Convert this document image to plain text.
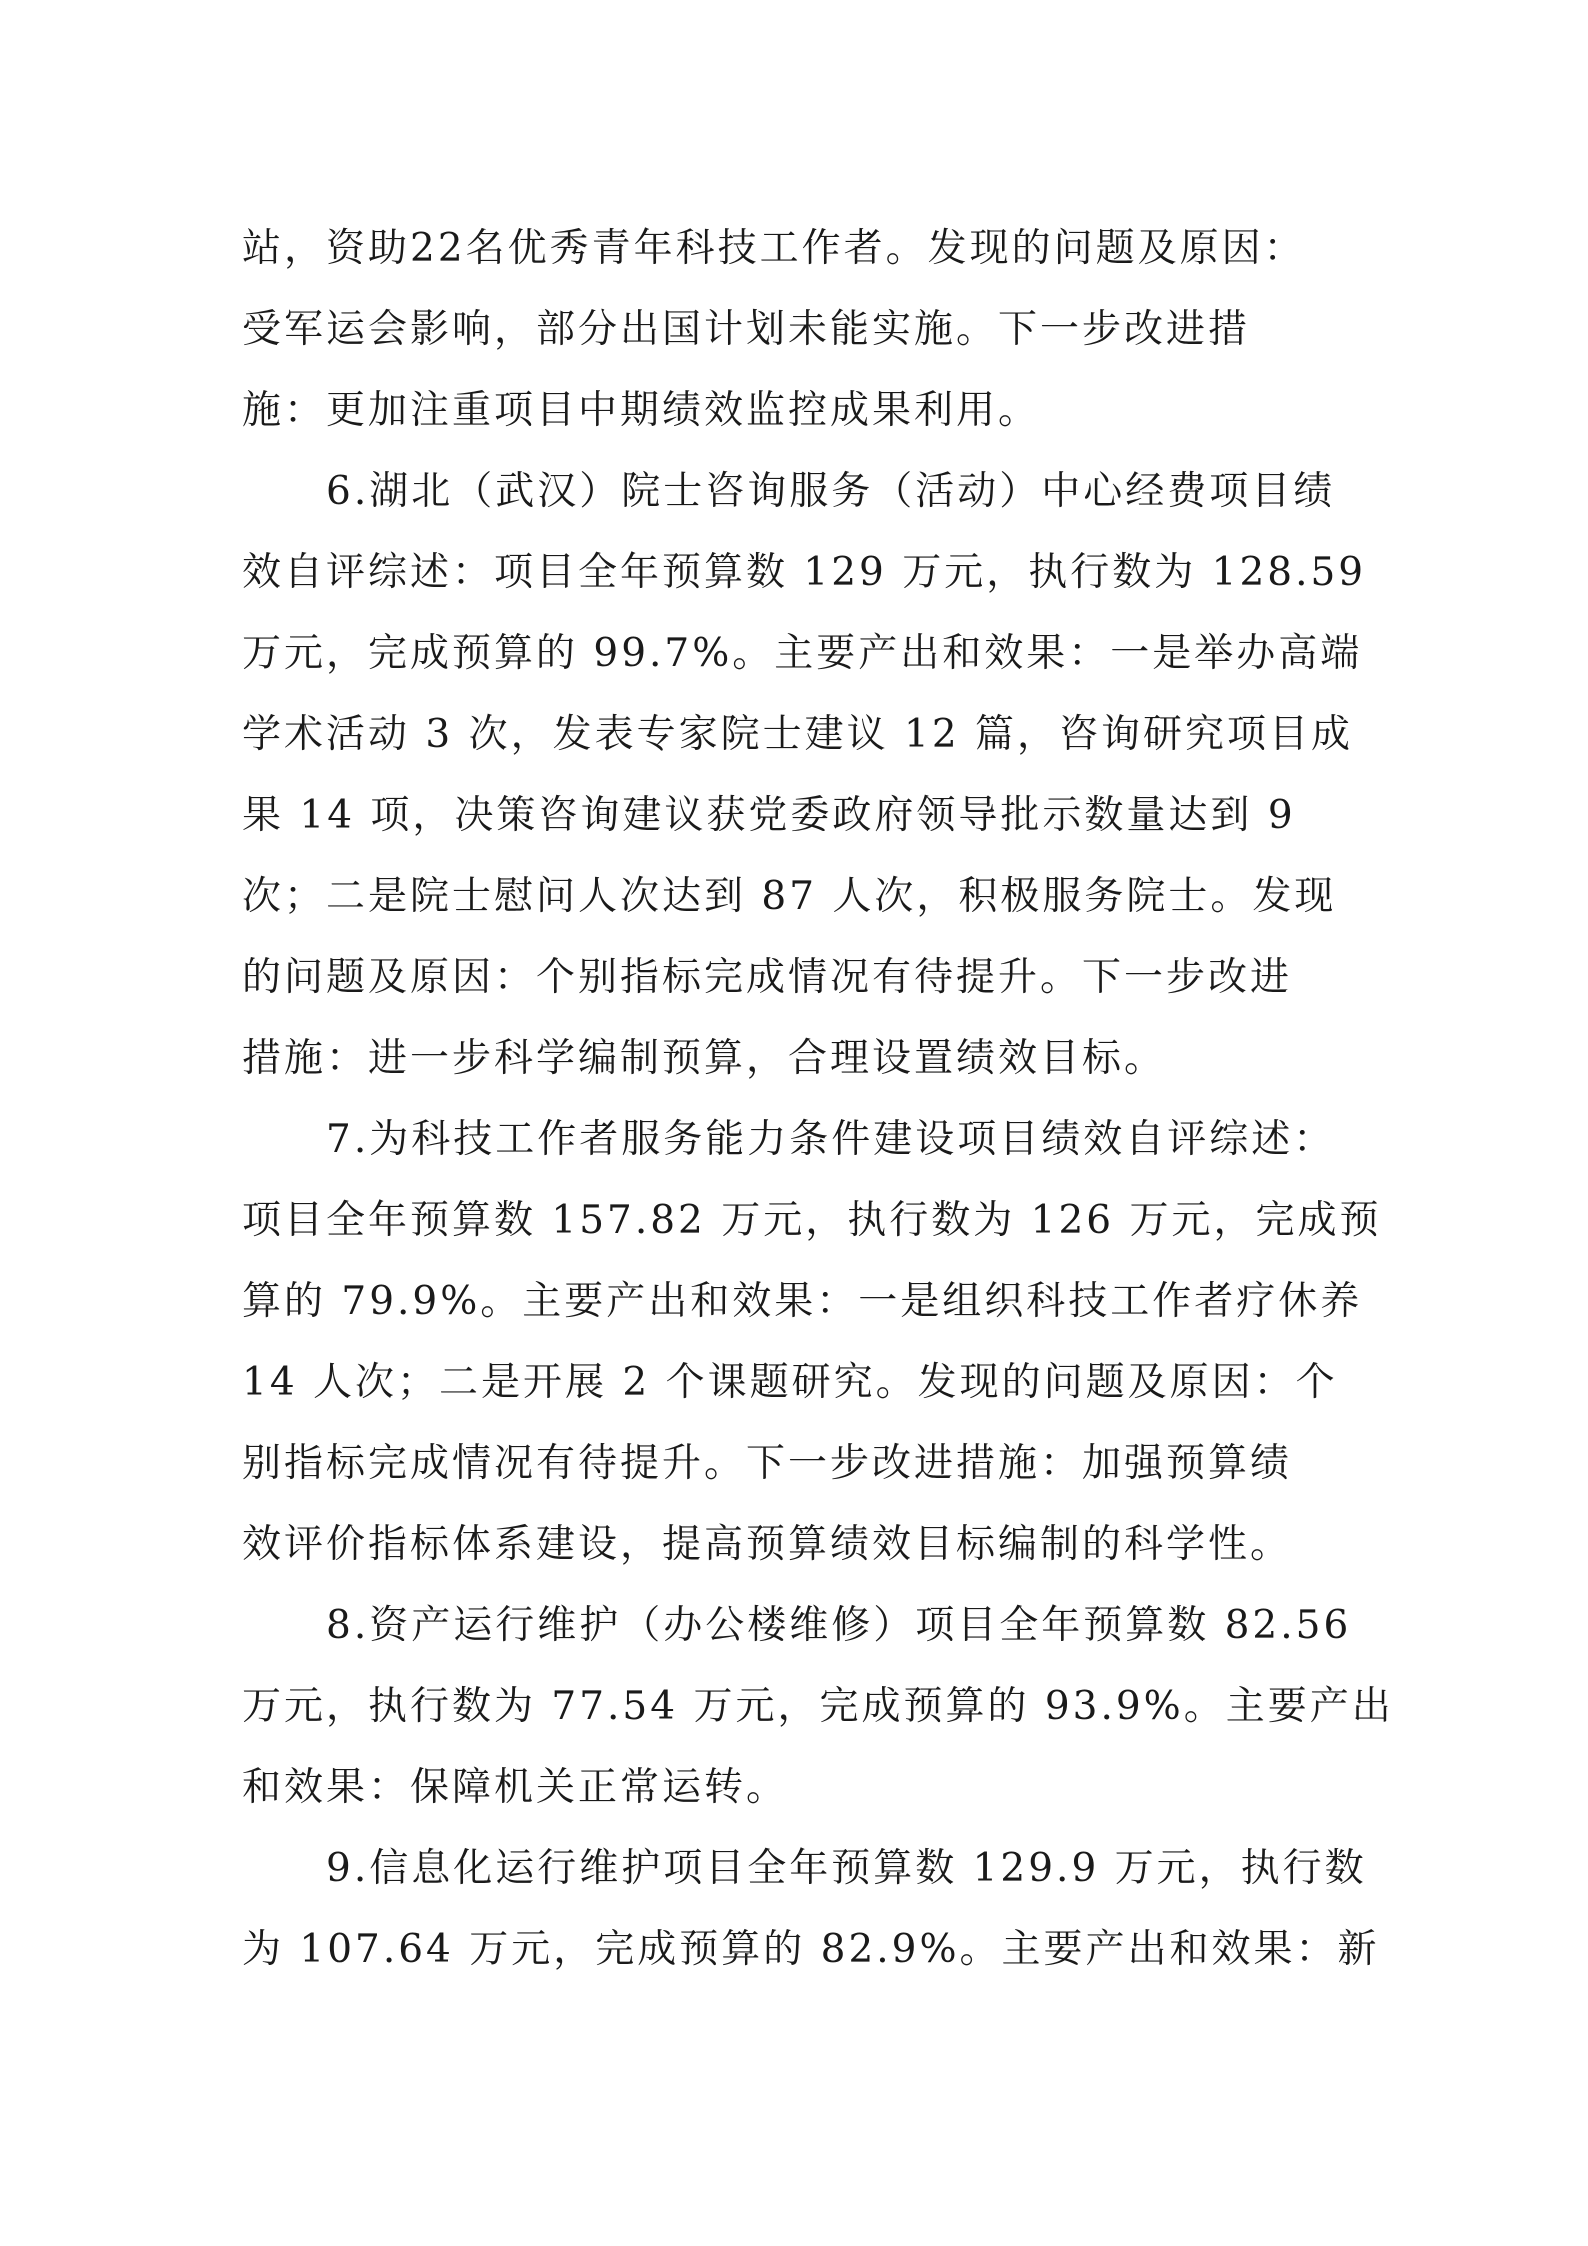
站，资助22名优秀青年科技工作者。发现的问题及原因：
受军运会影响，部分出国计划未能实施。下一步改进措
施：更加注重项目中期绩效监控成果利用。
6.湖北（武汉）院士咨询服务（活动）中心经费项目绩
效自评综述：项目全年预算数 129 万元，执行数为 128.59
万元，完成预算的 99.7%。主要产出和效果：一是举办高端
学术活动 3 次，发表专家院士建议 12 篇，咨询研究项目成
果 14 项，决策咨询建议获党委政府领导批示数量达到 9
次；二是院士慰问人次达到 87 人次，积极服务院士。发现
的问题及原因：个别指标完成情况有待提升。下一步改进
措施：进一步科学编制预算，合理设置绩效目标。
7.为科技工作者服务能力条件建设项目绩效自评综述：
项目全年预算数 157.82 万元，执行数为 126 万元，完成预
算的 79.9%。主要产出和效果：一是组织科技工作者疗休养
14 人次；二是开展 2 个课题研究。发现的问题及原因：个
别指标完成情况有待提升。下一步改进措施：加强预算绩
效评价指标体系建设，提高预算绩效目标编制的科学性。
8.资产运行维护（办公楼维修）项目全年预算数 82.56
万元，执行数为 77.54 万元，完成预算的 93.9%。主要产出
和效果：保障机关正常运转。
9.信息化运行维护项目全年预算数 129.9 万元，执行数
为 107.64 万元，完成预算的 82.9%。主要产出和效果：新
